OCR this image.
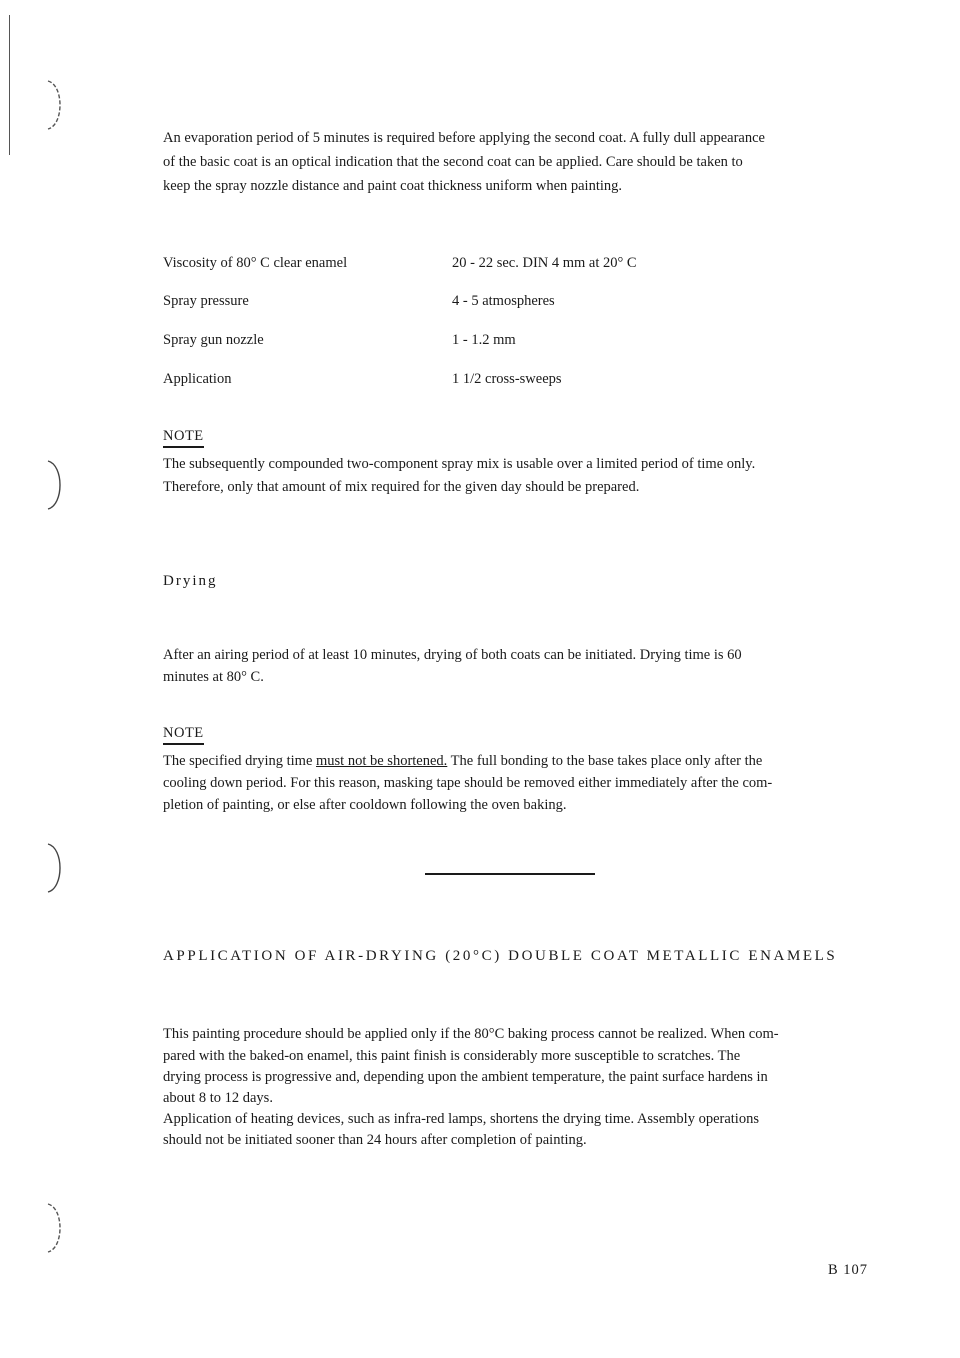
An evaporation period of 5 minutes is required before applying the second coat. A fully dull appearance
of the basic coat is an optical indication that the second coat can be applied. Care should be taken to
keep the spray nozzle distance and paint coat thickness uniform when painting.
Viscosity of 80° C clear enamel	20 - 22 sec. DIN 4 mm at 20° C
Spray pressure	4 - 5 atmospheres
Spray gun nozzle	1 - 1.2 mm
Application	1 1/2 cross-sweeps
NOTE
The subsequently compounded two-component spray mix is usable over a limited period of time only.
Therefore, only that amount of mix required for the given day should be prepared.
Drying
After an airing period of at least 10 minutes, drying of both coats can be initiated. Drying time is 60
minutes at 80° C.
NOTE
The specified drying time must not be shortened. The full bonding to the base takes place only after the
cooling down period. For this reason, masking tape should be removed either immediately after the com-
pletion of painting, or else after cooldown following the oven baking.
APPLICATION OF AIR-DRYING (20°C) DOUBLE COAT METALLIC ENAMELS
This painting procedure should be applied only if the 80°C baking process cannot be realized. When com-
pared with the baked-on enamel, this paint finish is considerably more susceptible to scratches. The
drying process is progressive and, depending upon the ambient temperature, the paint surface hardens in
about 8 to 12 days.
Application of heating devices, such as infra-red lamps, shortens the drying time. Assembly operations
should not be initiated sooner than 24 hours after completion of painting.
B 107
